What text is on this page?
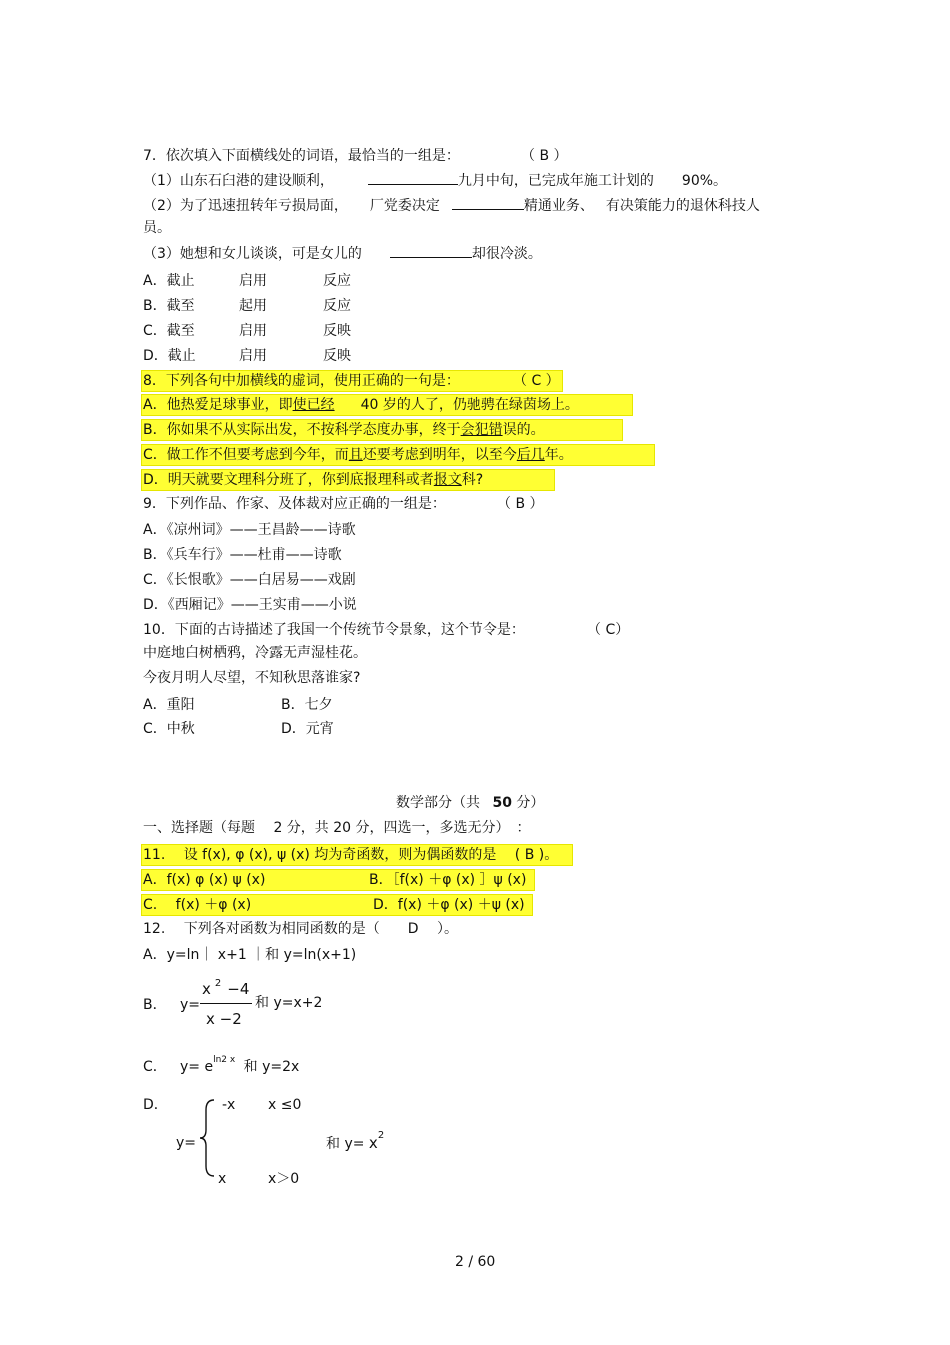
7．依次填入下面横线处的词语，最恰当的一组是：	（ B ）
（1）山东石臼港的建设顺利，	九月中旬，已完成年施工计划的 90%。
（2）为了迅速扭转年亏损局面， 厂党委决定	精通业务、 有决策能力的退休科技人
员。
（3）她想和女儿谈谈，可是女儿的	却很冷淡。
A．截止	启用	反应
B．截至	起用	反应
C．截至	启用	反映
D．截止	启用	反映
8．下列各句中加横线的虚词，使用正确的一句是：	（ C ）
A．他热爱足球事业，即使已经 40 岁的人了，仍驰骋在绿茵场上。
B．你如果不从实际出发，不按科学态度办事，终于会犯错误的。
C．做工作不但要考虑到今年，而且还要考虑到明年，以至今后几年。
D．明天就要文理科分班了，你到底报理科或者报文科?
9．下列作品、作家、及体裁对应正确的一组是：	（ B ）
A．《凉州词》——王昌龄——诗歌
B．《兵车行》——杜甫——诗歌
C．《长恨歌》——白居易——戏剧
D．《西厢记》——王实甫——小说
10．下面的古诗描述了我国一个传统节令景象，这个节令是：	（ C）
中庭地白树栖鸦，冷露无声湿桂花。
今夜月明人尽望，不知秋思落谁家?
A．重阳	B．七夕
C．中秋	D．元宵
数学部分（共 50 分）
一、选择题（每题　 2 分，共 20 分，四选一，多选无分）　：
11.　 设 f(x), φ (x), ψ (x) 均为奇函数，则为偶函数的是　 ( B )。
A．f(x) φ (x) ψ (x)	B．［f(x) ＋φ (x) ］ψ (x)
C.　 f(x) ＋φ (x)	D．f(x) ＋φ (x) ＋ψ (x)
12.　 下列各对函数为相同函数的是（　　D　 ）。
A．y=ln｜ x+1 ｜和 y=ln(x+1)
B． y=
x $^2$ −4
x −2
和 y=x+2
C． $y= e^{ln2 x}$ 和 y=2x
D．
y=
-x x ≤0
x	x＞0
和 $y= x^2$
2 / 60
